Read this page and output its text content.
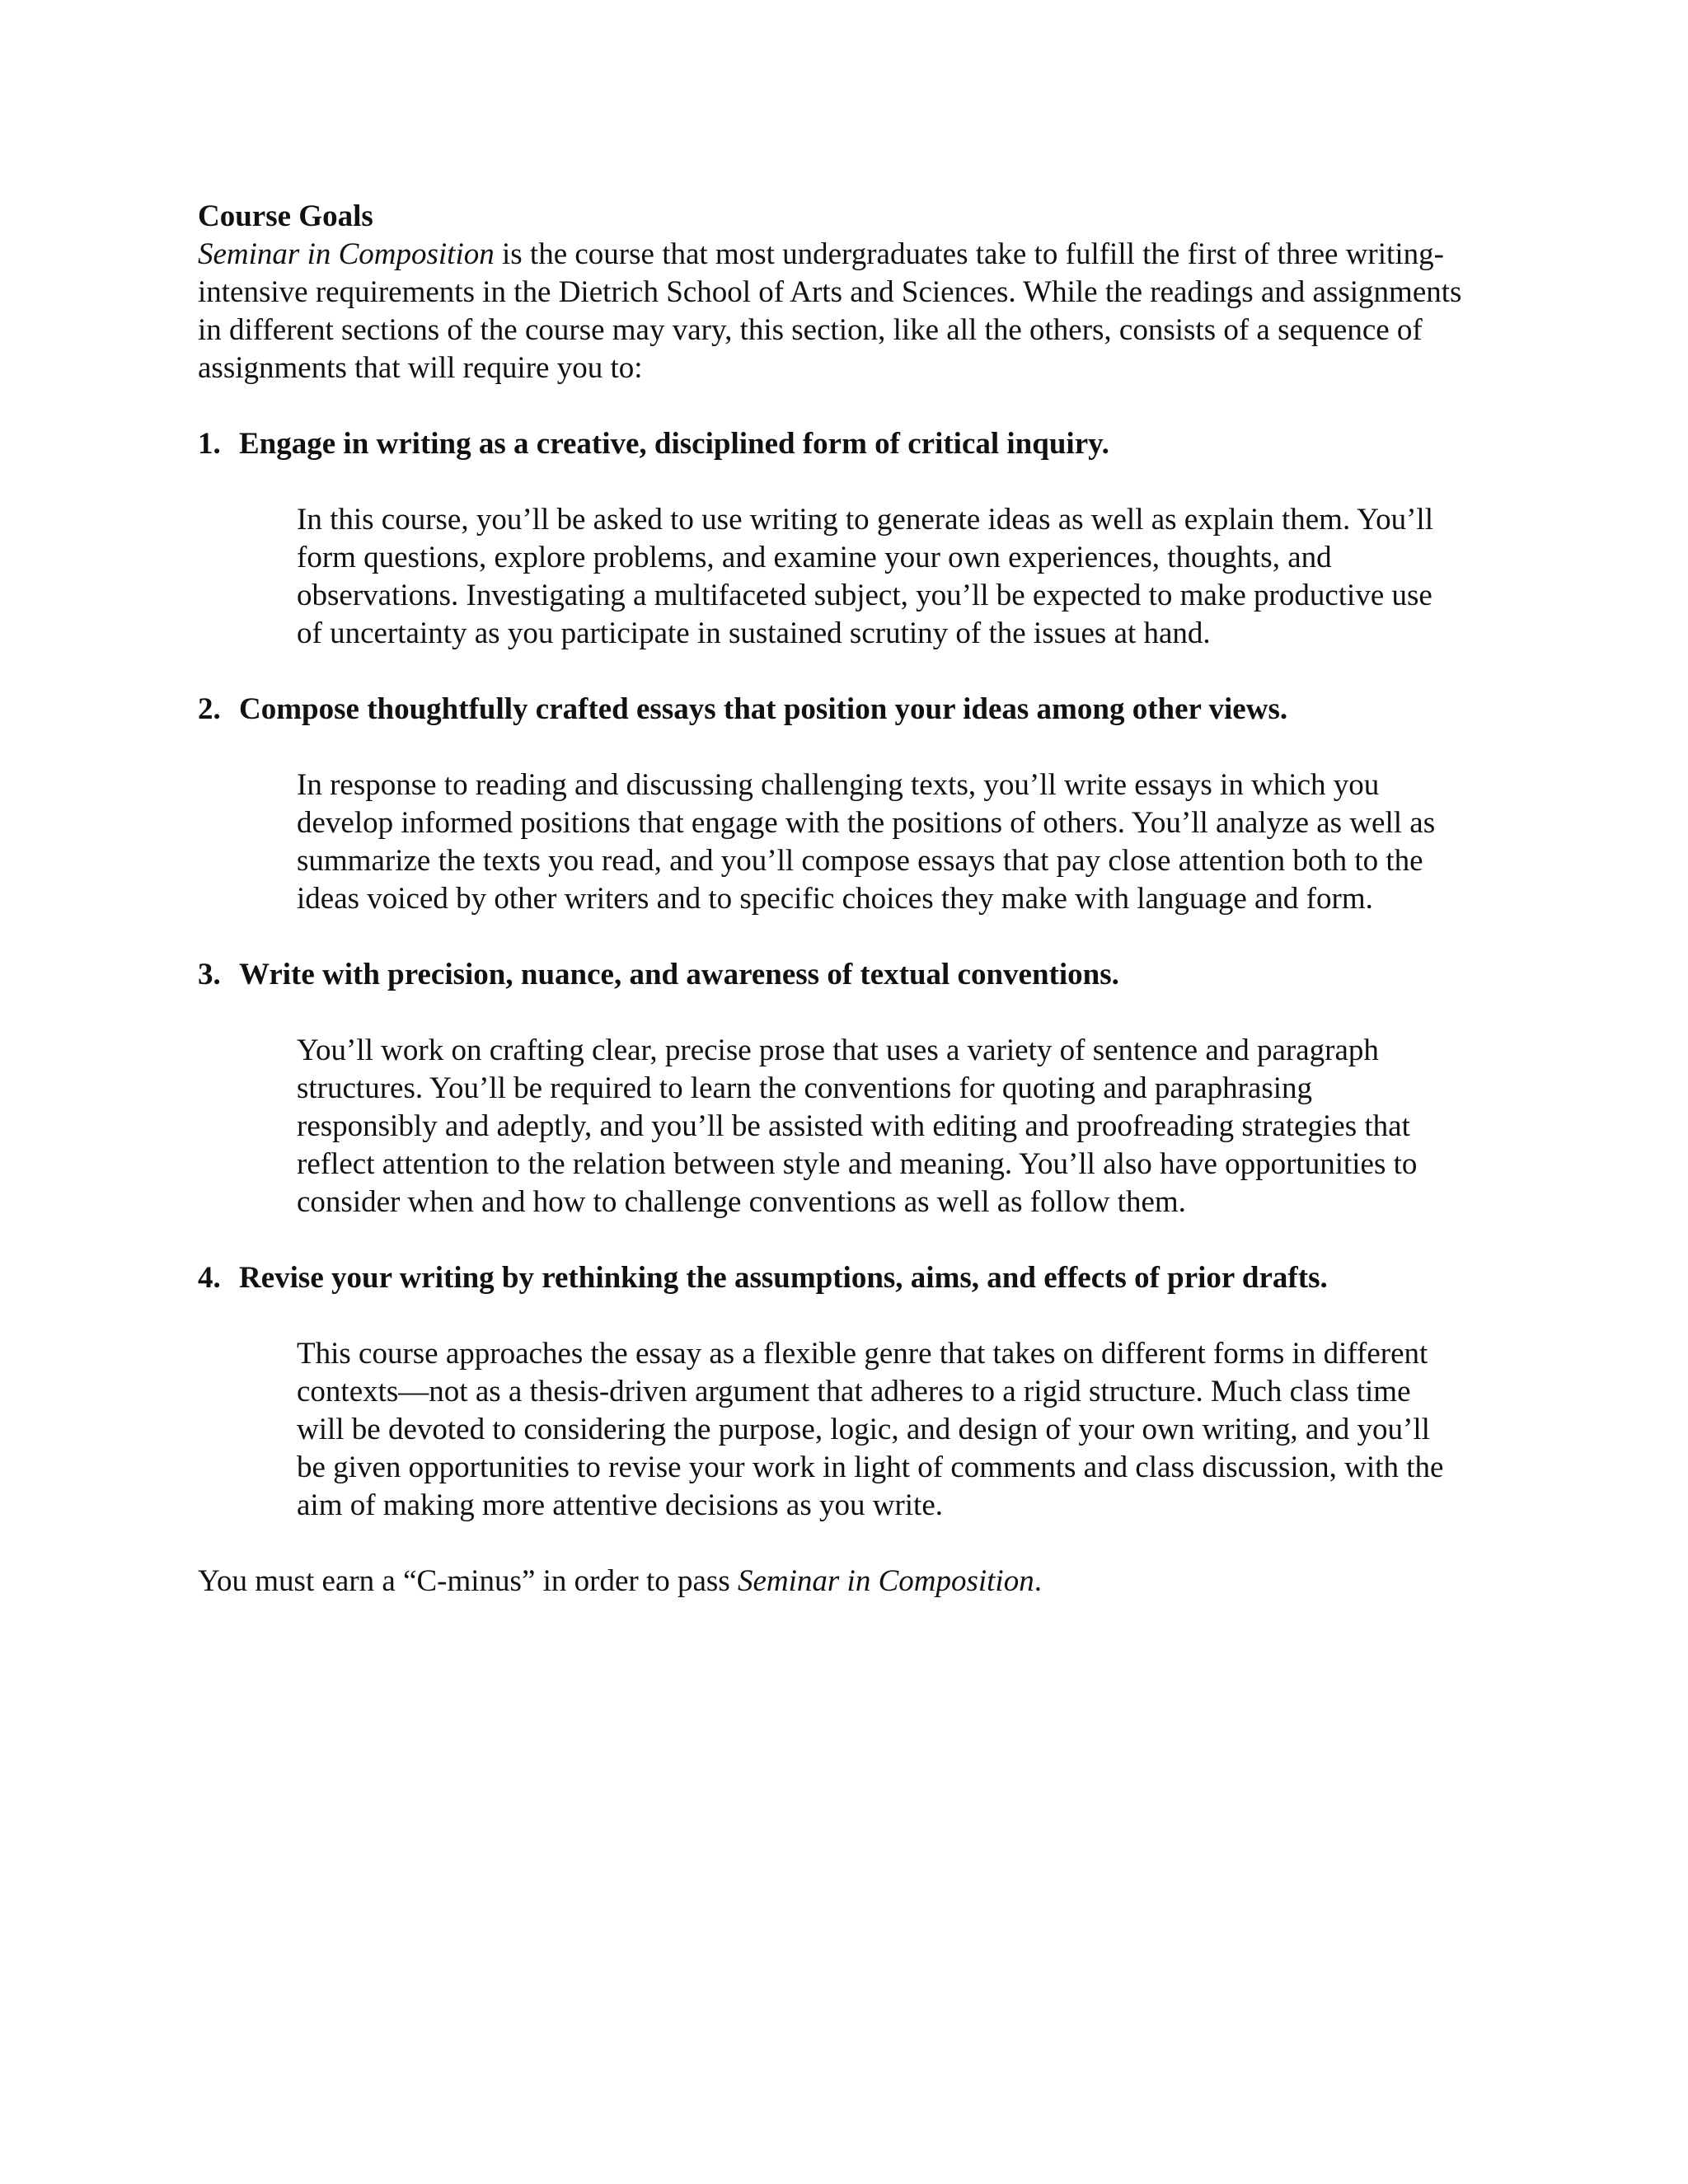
Course Goals

Seminar in Composition is the course that most undergraduates take to fulfill the first of three writing-intensive requirements in the Dietrich School of Arts and Sciences. While the readings and assignments in different sections of the course may vary, this section, like all the others, consists of a sequence of assignments that will require you to:

1. Engage in writing as a creative, disciplined form of critical inquiry.

In this course, you’ll be asked to use writing to generate ideas as well as explain them. You’ll form questions, explore problems, and examine your own experiences, thoughts, and observations. Investigating a multifaceted subject, you’ll be expected to make productive use of uncertainty as you participate in sustained scrutiny of the issues at hand.

2. Compose thoughtfully crafted essays that position your ideas among other views.

In response to reading and discussing challenging texts, you’ll write essays in which you develop informed positions that engage with the positions of others. You’ll analyze as well as summarize the texts you read, and you’ll compose essays that pay close attention both to the ideas voiced by other writers and to specific choices they make with language and form.

3. Write with precision, nuance, and awareness of textual conventions.

You’ll work on crafting clear, precise prose that uses a variety of sentence and paragraph structures. You’ll be required to learn the conventions for quoting and paraphrasing responsibly and adeptly, and you’ll be assisted with editing and proofreading strategies that reflect attention to the relation between style and meaning. You’ll also have opportunities to consider when and how to challenge conventions as well as follow them.

4. Revise your writing by rethinking the assumptions, aims, and effects of prior drafts.

This course approaches the essay as a flexible genre that takes on different forms in different contexts—not as a thesis-driven argument that adheres to a rigid structure. Much class time will be devoted to considering the purpose, logic, and design of your own writing, and you’ll be given opportunities to revise your work in light of comments and class discussion, with the aim of making more attentive decisions as you write.

You must earn a “C-minus” in order to pass Seminar in Composition.
